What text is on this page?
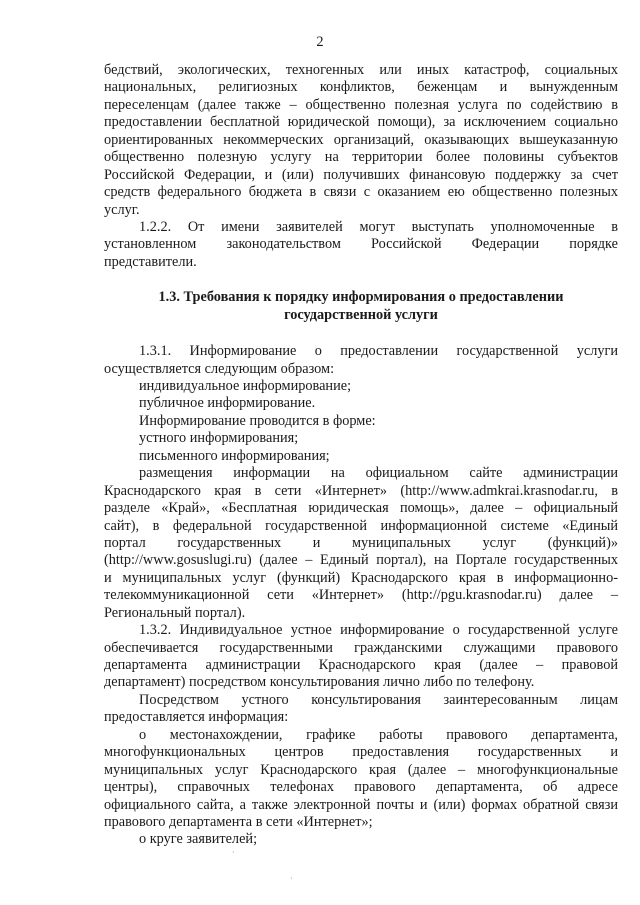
2
бедствий, экологических, техногенных или иных катастроф, социальных
национальных, религиозных конфликтов, беженцам и вынужденным
переселенцам (далее также – общественно полезная услуга по содействию в
предоставлении бесплатной юридической помощи), за исключением социально
ориентированных некоммерческих организаций, оказывающих вышеуказанную
общественно полезную услугу на территории более половины субъектов
Российской Федерации, и (или) получивших финансовую поддержку за счет
средств федерального бюджета в связи с оказанием ею общественно полезных
услуг.
1.2.2. От имени заявителей могут выступать уполномоченные в
установленном законодательством Российской Федерации порядке
представители.
1.3. Требования к порядку информирования о предоставлении
государственной услуги
1.3.1. Информирование о предоставлении государственной услуги
осуществляется следующим образом:
индивидуальное информирование;
публичное информирование.
Информирование проводится в форме:
устного информирования;
письменного информирования;
размещения информации на официальном сайте администрации
Краснодарского края в сети «Интернет» (http://www.admkrai.krasnodar.ru, в
разделе «Край», «Бесплатная юридическая помощь», далее – официальный
сайт), в федеральной государственной информационной системе «Единый
портал государственных и муниципальных услуг (функций)»
(http://www.gosuslugi.ru) (далее – Единый портал), на Портале государственных
и муниципальных услуг (функций) Краснодарского края в информационно-
телекоммуникационной сети «Интернет» (http://pgu.krasnodar.ru) далее –
Региональный портал).
1.3.2. Индивидуальное устное информирование о государственной услуге
обеспечивается государственными гражданскими служащими правового
департамента администрации Краснодарского края (далее – правовой
департамент) посредством консультирования лично либо по телефону.
Посредством устного консультирования заинтересованным лицам
предоставляется информация:
о местонахождении, графике работы правового департамента,
многофункциональных центров предоставления государственных и
муниципальных услуг Краснодарского края (далее – многофункциональные
центры), справочных телефонах правового департамента, об адресе
официального сайта, а также электронной почты и (или) формах обратной связи
правового департамента в сети «Интернет»;
о круге заявителей;
·
·
